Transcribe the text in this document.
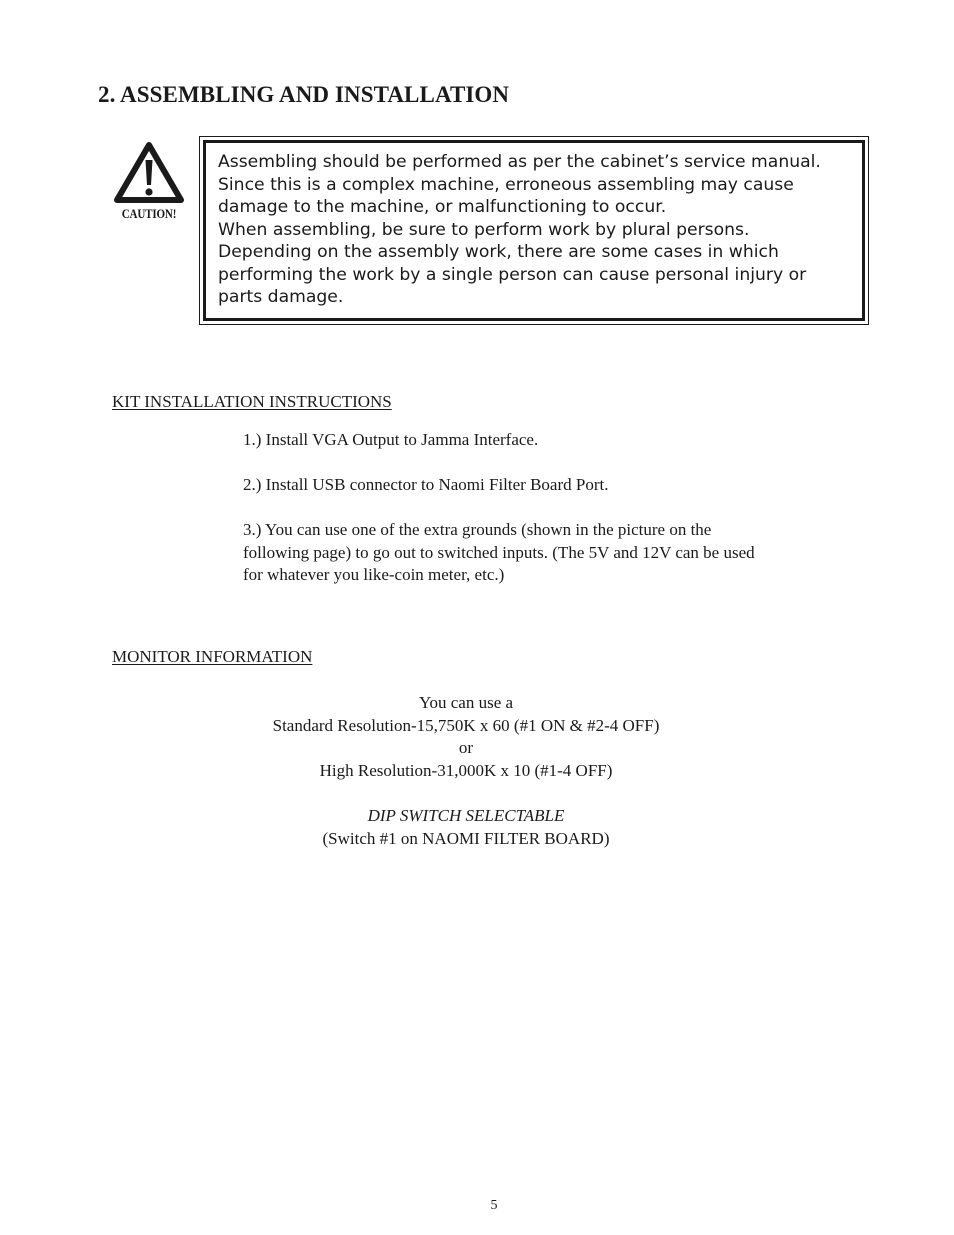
2. ASSEMBLING AND INSTALLATION
CAUTION!

Assembling should be performed as per the cabinet’s service manual.
Since this is a complex machine, erroneous assembling may cause
damage to the machine, or malfunctioning to occur.
When assembling, be sure to perform work by plural persons.
Depending on the assembly work, there are some cases in which
performing the work by a single person can cause personal injury or
parts damage.

KIT INSTALLATION INSTRUCTIONS

1.) Install VGA Output to Jamma Interface.

2.) Install USB connector to Naomi Filter Board Port.

3.) You can use one of the extra grounds (shown in the picture on the following page) to go out to switched inputs. (The 5V and 12V can be used for whatever you like-coin meter, etc.)

MONITOR INFORMATION

You can use a

Standard Resolution-15,750K x 60 (#1 ON & #2-4 OFF)

or

High Resolution-31,000K x 10 (#1-4 OFF)

DIP SWITCH SELECTABLE

(Switch #1 on NAOMI FILTER BOARD)

5
